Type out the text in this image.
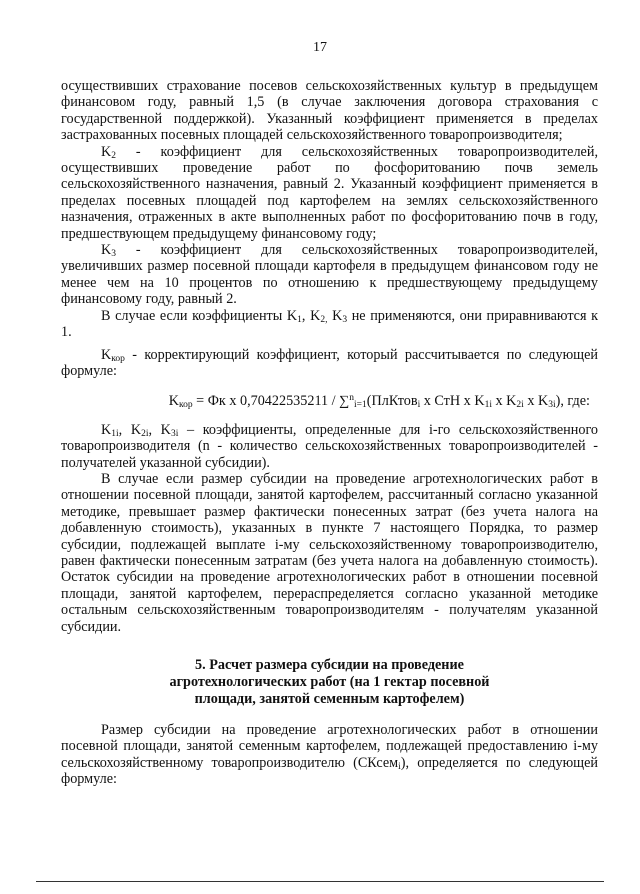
17

осуществивших страхование посевов сельскохозяйственных культур в предыдущем финансовом году, равный 1,5 (в случае заключения договора страхования с государственной поддержкой). Указанный коэффициент применяется в пределах застрахованных посевных площадей сельскохозяйственного товаропроизводителя;

$K_2$ - коэффициент для сельскохозяйственных товаропроизводителей, осуществивших проведение работ по фосфоритованию почв земель сельскохозяйственного назначения, равный 2. Указанный коэффициент применяется в пределах посевных площадей под картофелем на землях сельскохозяйственного назначения, отраженных в акте выполненных работ по фосфоритованию почв в году, предшествующем предыдущему финансовому году;

$K_3$ - коэффициент для сельскохозяйственных товаропроизводителей, увеличивших размер посевной площади картофеля в предыдущем финансовом году не менее чем на 10 процентов по отношению к предшествующему предыдущему финансовому году, равный 2.

В случае если коэффициенты $K_1$, $K_{2,}$ $K_3$ не применяются, они приравниваются к 1.

$K_{кор}$ - корректирующий коэффициент, который рассчитывается по следующей формуле:

$K_{кор}$ = Фк x 0,70422535211 / ∑$^n_{i=1}$(ПлКтов$_i$ x СтН x $K_{1i}$ x $K_{2i}$ x $K_{3i}$), где:

$K_{1i}$, $K_{2i}$, $K_{3i}$ – коэффициенты, определенные для i-го сельскохозяйственного товаропроизводителя (n - количество сельскохозяйственных товаропроизводителей - получателей указанной субсидии).

В случае если размер субсидии на проведение агротехнологических работ в отношении посевной площади, занятой картофелем, рассчитанный согласно указанной методике, превышает размер фактически понесенных затрат (без учета налога на добавленную стоимость), указанных в пункте 7 настоящего Порядка, то размер субсидии, подлежащей выплате i-му сельскохозяйственному товаропроизводителю, равен фактически понесенным затратам (без учета налога на добавленную стоимость). Остаток субсидии на проведение агротехнологических работ в отношении посевной площади, занятой картофелем, перераспределяется согласно указанной методике остальным сельскохозяйственным товаропроизводителям - получателям указанной субсидии.

5. Расчет размера субсидии на проведение
агротехнологических работ (на 1 гектар посевной
площади, занятой семенным картофелем)

Размер субсидии на проведение агротехнологических работ в отношении посевной площади, занятой семенным картофелем, подлежащей предоставлению i-му сельскохозяйственному товаропроизводителю (СКсем$_i$), определяется по следующей формуле:
